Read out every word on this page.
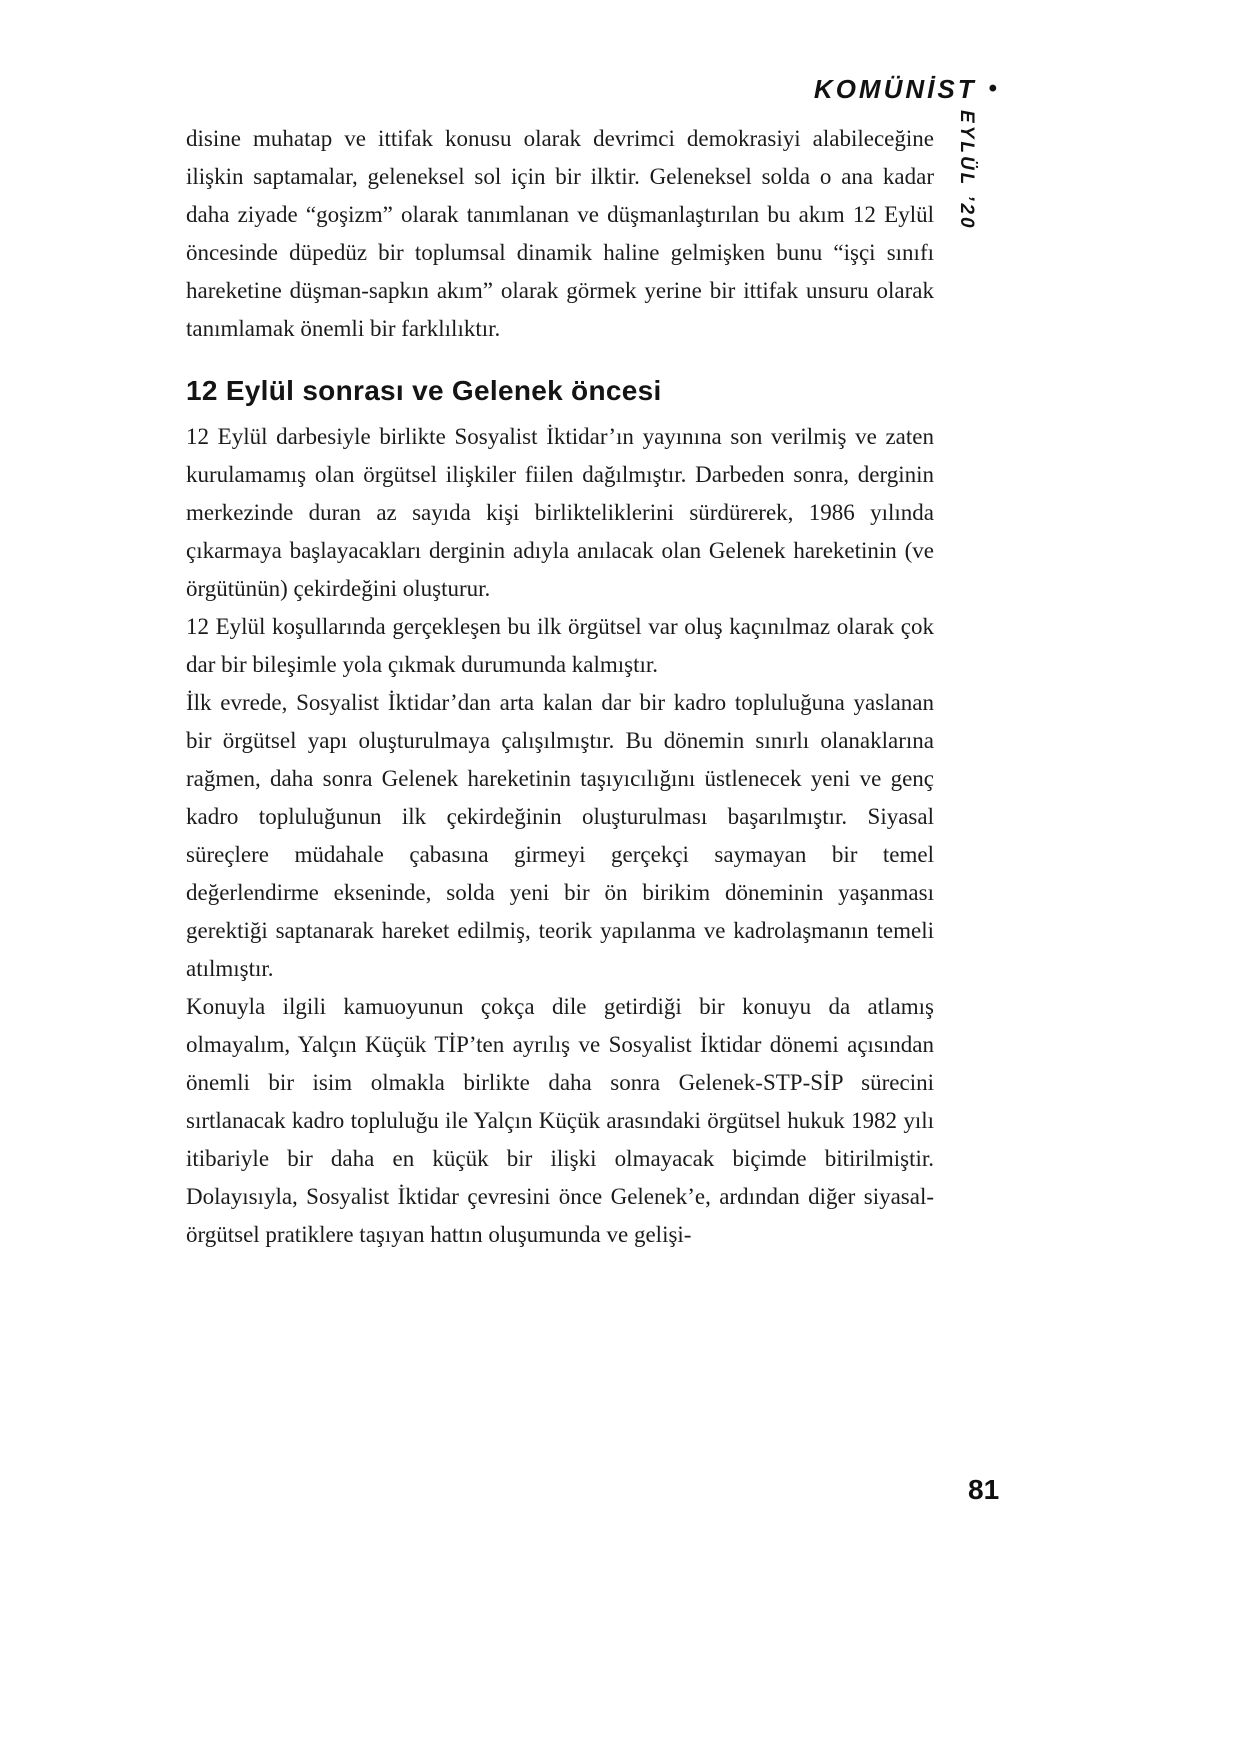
KOMÜNİST •
EYLÜL ’20

disine muhatap ve ittifak konusu olarak devrimci demokrasiyi alabileceğine ilişkin saptamalar, geleneksel sol için bir ilktir. Geleneksel solda o ana kadar daha ziyade “goşizm” olarak tanımlanan ve düşmanlaştırılan bu akım 12 Eylül öncesinde düpedüz bir toplumsal dinamik haline gelmişken bunu “işçi sınıfı hareketine düşman-sapkın akım” olarak görmek yerine bir ittifak unsuru olarak tanımlamak önemli bir farklılıktır.

12 Eylül sonrası ve Gelenek öncesi

12 Eylül darbesiyle birlikte Sosyalist İktidar’ın yayınına son verilmiş ve zaten kurulamamış olan örgütsel ilişkiler fiilen dağılmıştır. Darbeden sonra, derginin merkezinde duran az sayıda kişi birlikteliklerini sürdürerek, 1986 yılında çıkarmaya başlayacakları derginin adıyla anılacak olan Gelenek hareketinin (ve örgütünün) çekirdeğini oluşturur.

12 Eylül koşullarında gerçekleşen bu ilk örgütsel var oluş kaçınılmaz olarak çok dar bir bileşimle yola çıkmak durumunda kalmıştır.

İlk evrede, Sosyalist İktidar’dan arta kalan dar bir kadro topluluğuna yaslanan bir örgütsel yapı oluşturulmaya çalışılmıştır. Bu dönemin sınırlı olanaklarına rağmen, daha sonra Gelenek hareketinin taşıyıcılığını üstlenecek yeni ve genç kadro topluluğunun ilk çekirdeğinin oluşturulması başarılmıştır. Siyasal süreçlere müdahale çabasına girmeyi gerçekçi saymayan bir temel değerlendirme ekseninde, solda yeni bir ön birikim döneminin yaşanması gerektiği saptanarak hareket edilmiş, teorik yapılanma ve kadrolaşmanın temeli atılmıştır.

Konuyla ilgili kamuoyunun çokça dile getirdiği bir konuyu da atlamış olmayalım, Yalçın Küçük TİP’ten ayrılış ve Sosyalist İktidar dönemi açısından önemli bir isim olmakla birlikte daha sonra Gelenek-STP-SİP sürecini sırtlanacak kadro topluluğu ile Yalçın Küçük arasındaki örgütsel hukuk 1982 yılı itibariyle bir daha en küçük bir ilişki olmayacak biçimde bitirilmiştir. Dolayısıyla, Sosyalist İktidar çevresini önce Gelenek’e, ardından diğer siyasal-örgütsel pratiklere taşıyan hattın oluşumunda ve gelişi-

81
